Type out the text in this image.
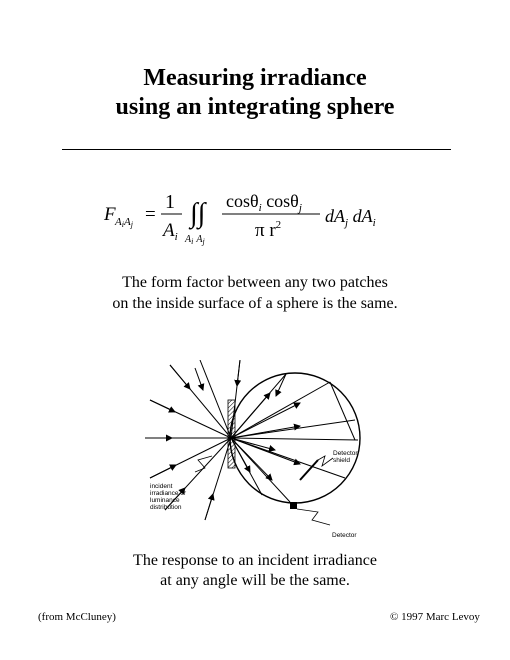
Measuring irradiance
using an integrating sphere
F AiAj =
1
$A_i$
∫∫
$A_i$ $A_j$
cosθ$_i$ cosθ$_j$
π $r^2$ $dA_j$ $dA_i$
The form factor between any two patches
on the inside surface of a sphere is the same.
Detector
shield
incident
irradiance or
luminance
distribution
Detector
The response to an incident irradiance
at any angle will be the same.
(from McCluney)	© 1997 Marc Levoy
